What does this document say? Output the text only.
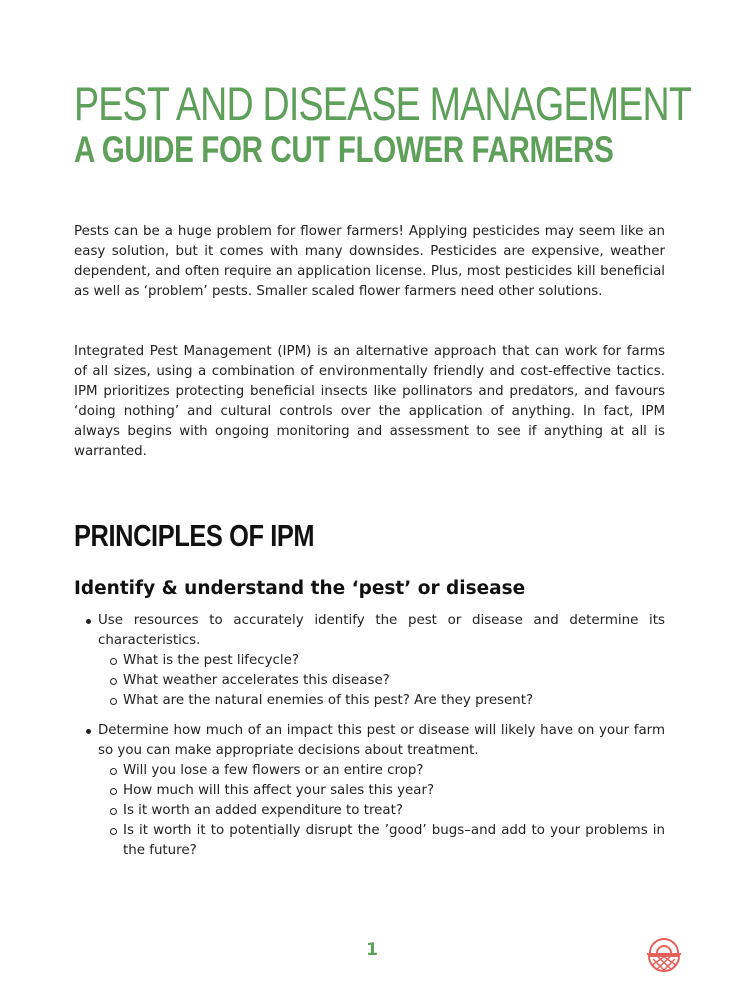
PEST AND DISEASE MANAGEMENT
A GUIDE FOR CUT FLOWER FARMERS

Pests can be a huge problem for flower farmers! Applying pesticides may seem like an easy solution, but it comes with many downsides. Pesticides are expensive, weather dependent, and often require an application license. Plus, most pesticides kill beneficial as well as ‘problem’ pests. Smaller scaled flower farmers need other solutions.

Integrated Pest Management (IPM) is an alternative approach that can work for farms of all sizes, using a combination of environmentally friendly and cost-effective tactics. IPM prioritizes protecting beneficial insects like pollinators and predators, and favours ‘doing nothing’ and cultural controls over the application of anything. In fact, IPM always begins with ongoing monitoring and assessment to see if anything at all is warranted.

PRINCIPLES OF IPM
Identify & understand the ‘pest’ or disease
Use resources to accurately identify the pest or disease and determine its characteristics.
What is the pest lifecycle?
What weather accelerates this disease?
What are the natural enemies of this pest? Are they present?
Determine how much of an impact this pest or disease will likely have on your farm so you can make appropriate decisions about treatment.
Will you lose a few flowers or an entire crop?
How much will this affect your sales this year?
Is it worth an added expenditure to treat?
Is it worth it to potentially disrupt the ’good’ bugs–and add to your problems in the future?
1
